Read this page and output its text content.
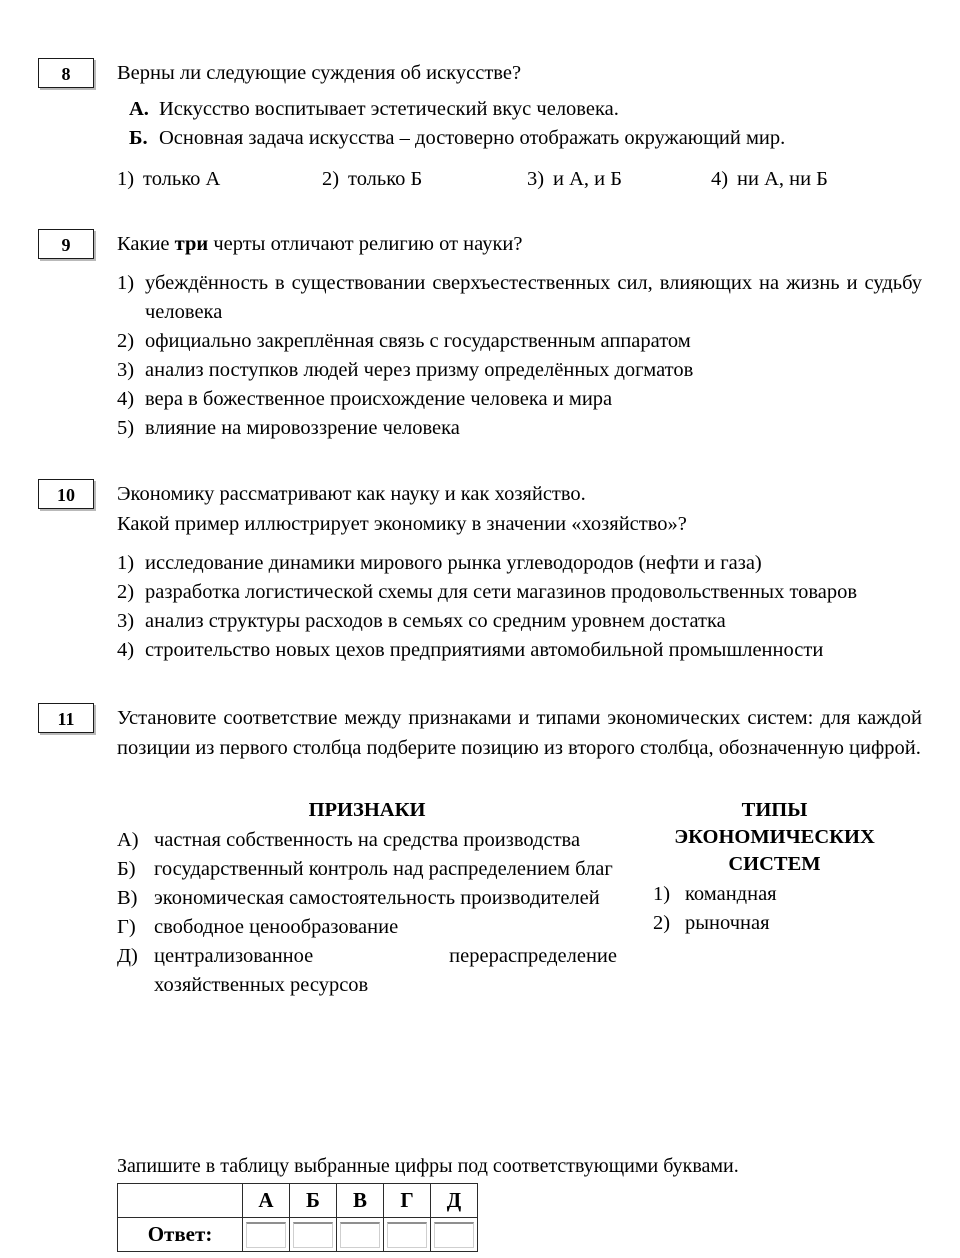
8	Верны ли следующие суждения об искусстве?
А. Искусство воспитывает эстетический вкус человека.
Б. Основная задача искусства – достоверно отображать окружающий мир.
1) только А	2) только Б	3) и А, и Б	4) ни А, ни Б
9	Какие три черты отличают религию от науки?
1) убеждённость в существовании сверхъестественных сил, влияющих на жизнь и судьбу человека
2) официально закреплённая связь с государственным аппаратом
3) анализ поступков людей через призму определённых догматов
4) вера в божественное происхождение человека и мира
5) влияние на мировоззрение человека
10	Экономику рассматривают как науку и как хозяйство.
Какой пример иллюстрирует экономику в значении «хозяйство»?
1) исследование динамики мирового рынка углеводородов (нефти и газа)
2) разработка логистической схемы для сети магазинов продовольственных товаров
3) анализ структуры расходов в семьях со средним уровнем достатка
4) строительство новых цехов предприятиями автомобильной промышленности
11	Установите соответствие между признаками и типами экономических систем: для каждой позиции из первого столбца подберите позицию из второго столбца, обозначенную цифрой.
ПРИЗНАКИ
А) частная собственность на средства производства
Б) государственный контроль над распределением благ
В) экономическая самостоятельность производителей
Г) свободное ценообразование
Д) централизованное перераспределение хозяйственных ресурсов
ТИПЫ
ЭКОНОМИЧЕСКИХ
СИСТЕМ
1) командная
2) рыночная
Запишите в таблицу выбранные цифры под соответствующими буквами.
	А	Б	В	Г	Д
Ответ:	
